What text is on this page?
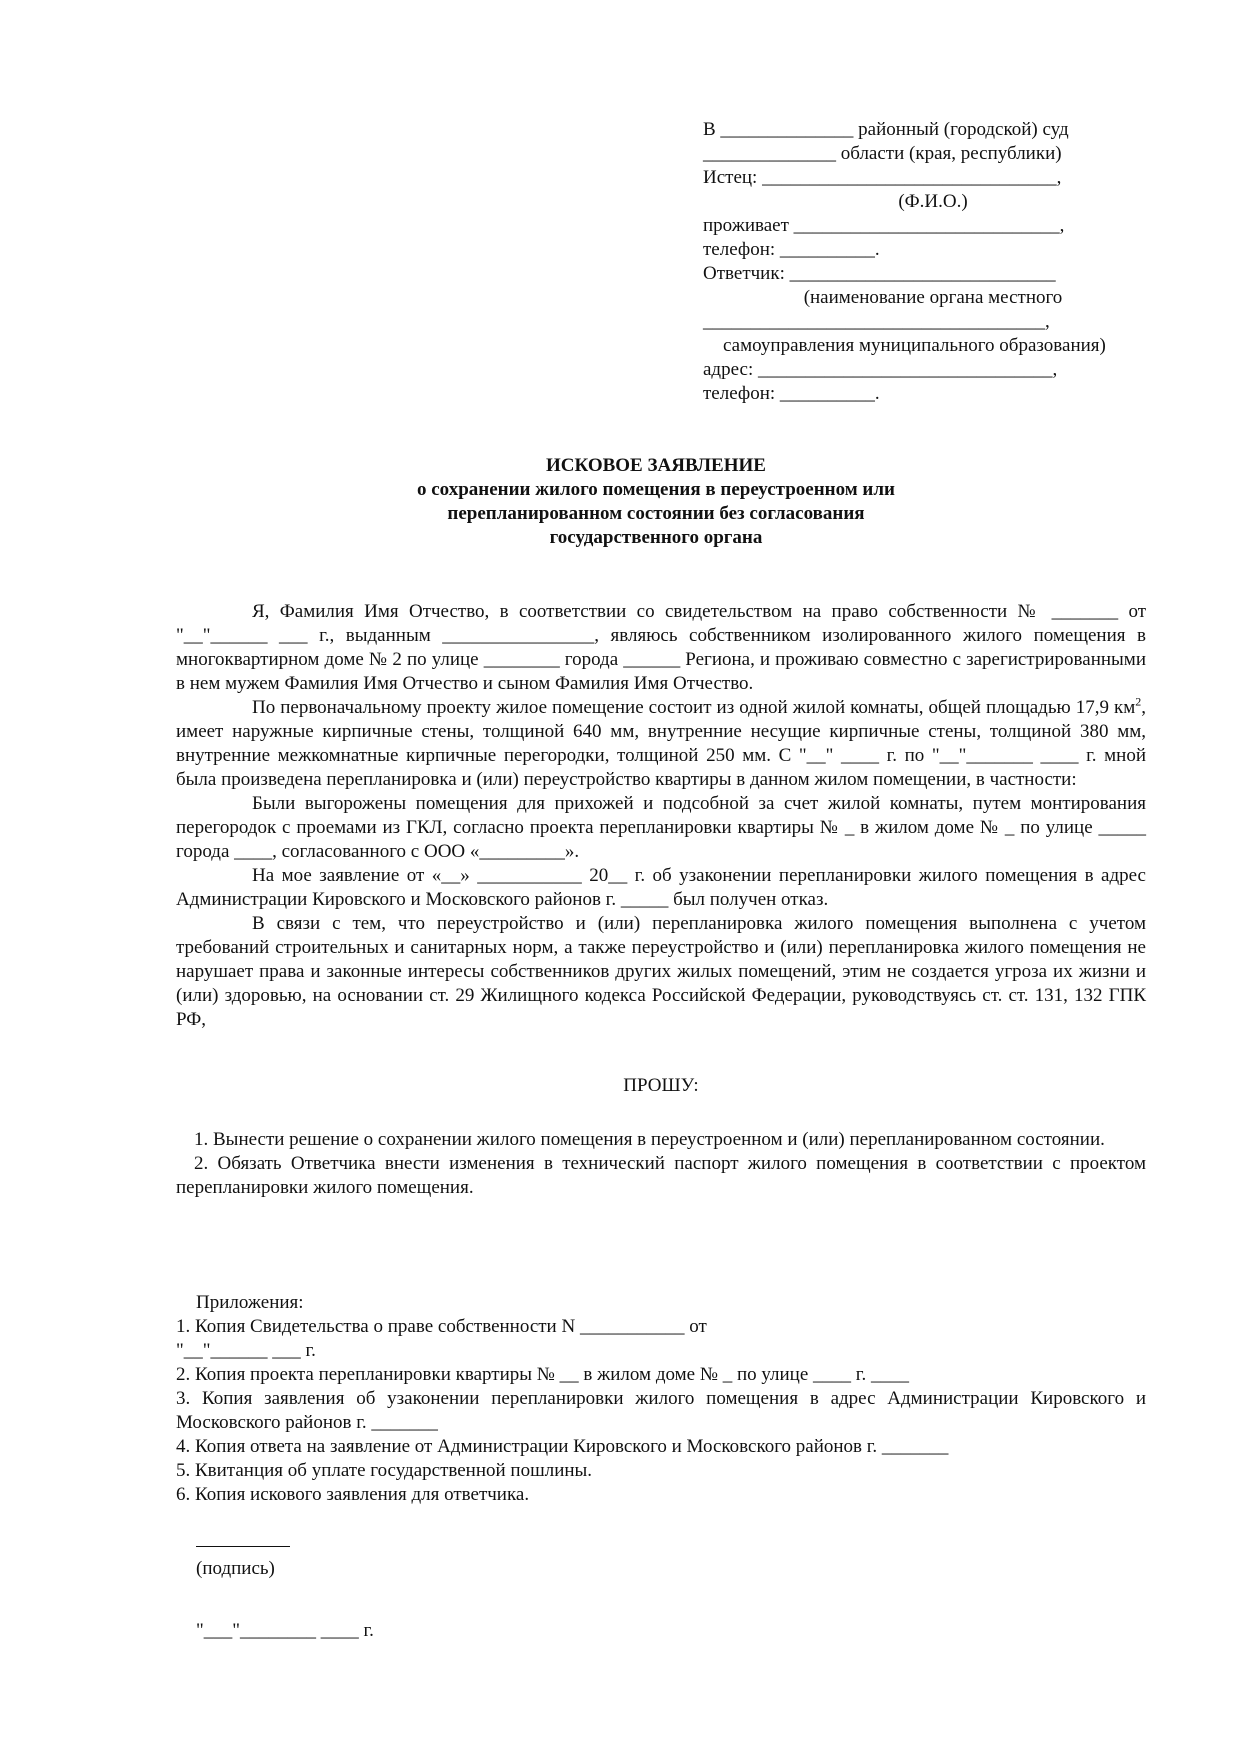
В ______________ районный (городской) суд
______________ области (края, республики)
Истец: _______________________________,
(Ф.И.О.)
проживает ____________________________,
телефон: __________.
Ответчик: ____________________________
(наименование органа местного
____________________________________,
самоуправления муниципального образования)
адрес: _______________________________,
телефон: __________.
ИСКОВОЕ ЗАЯВЛЕНИЕ
о сохранении жилого помещения в переустроенном или
перепланированном состоянии без согласования
государственного органа

Я, Фамилия Имя Отчество, в соответствии со свидетельством на право собственности № _______ от "__"______ ___ г., выданным ________________, являюсь собственником изолированного жилого помещения в многоквартирном доме № 2 по улице ________ города ______ Региона, и проживаю совместно с зарегистрированными в нем мужем Фамилия Имя Отчество и сыном Фамилия Имя Отчество.

По первоначальному проекту жилое помещение состоит из одной жилой комнаты, общей площадью 17,9 $км^2$, имеет наружные кирпичные стены, толщиной 640 мм, внутренние несущие кирпичные стены, толщиной 380 мм, внутренние межкомнатные кирпичные перегородки, толщиной 250 мм. С "__" ____ г. по "__"_______ ____ г. мной была произведена перепланировка и (или) переустройство квартиры в данном жилом помещении, в частности:

Были выгорожены помещения для прихожей и подсобной за счет жилой комнаты, путем монтирования перегородок с проемами из ГКЛ, согласно проекта перепланировки квартиры № _ в жилом доме № _ по улице _____ города ____, согласованного с ООО «_________».

На мое заявление от «__» ___________ 20__ г. об узаконении перепланировки жилого помещения в адрес Администрации Кировского и Московского районов г. _____ был получен отказ.

В связи с тем, что переустройство и (или) перепланировка жилого помещения выполнена с учетом требований строительных и санитарных норм, а также переустройство и (или) перепланировка жилого помещения не нарушает права и законные интересы собственников других жилых помещений, этим не создается угроза их жизни и (или) здоровью, на основании ст. 29 Жилищного кодекса Российской Федерации, руководствуясь ст. ст. 131, 132 ГПК РФ,

ПРОШУ:

1. Вынести решение о сохранении жилого помещения в переустроенном и (или) перепланированном состоянии.

2. Обязать Ответчика внести изменения в технический паспорт жилого помещения в соответствии с проектом перепланировки жилого помещения.

Приложения:

1. Копия Свидетельства о праве собственности N ___________ от

"__"______ ___ г.

2. Копия проекта перепланировки квартиры № __ в жилом доме № _ по улице ____ г. ____

3. Копия заявления об узаконении перепланировки жилого помещения в адрес Администрации Кировского и Московского районов г. _______

4. Копия ответа на заявление от Администрации Кировского и Московского районов г. _______

5. Квитанция об уплате государственной пошлины.

6. Копия искового заявления для ответчика.

(подпись)
"___"________ ____ г.
